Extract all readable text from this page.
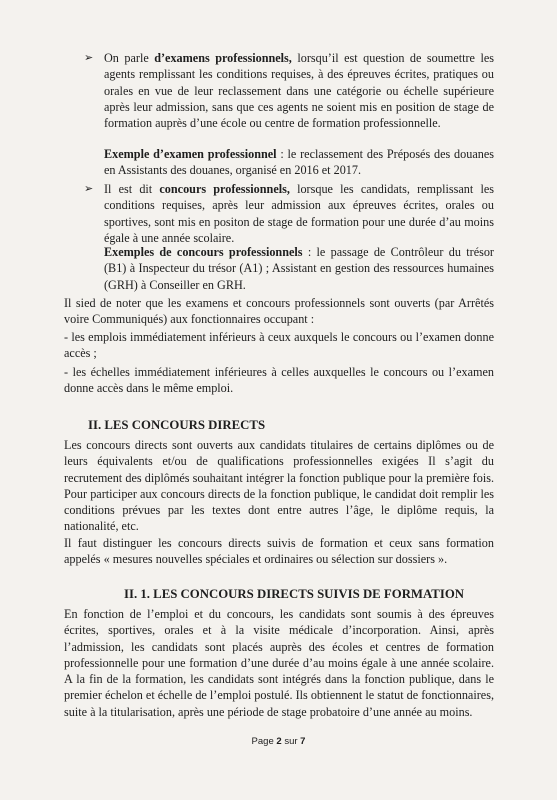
➢ On parle d’examens professionnels, lorsqu’il est question de soumettre les agents remplissant les conditions requises, à des épreuves écrites, pratiques ou orales en vue de leur reclassement dans une catégorie ou échelle supérieure après leur admission, sans que ces agents ne soient mis en position de stage de formation auprès d’une école ou centre de formation professionnelle.

Exemple d’examen professionnel : le reclassement des Préposés des douanes en Assistants des douanes, organisé en 2016 et 2017.

➢ Il est dit concours professionnels, lorsque les candidats, remplissant les conditions requises, après leur admission aux épreuves écrites, orales ou sportives, sont mis en positon de stage de formation pour une durée d’au moins égale à une année scolaire.

Exemples de concours professionnels : le passage de Contrôleur du trésor (B1) à Inspecteur du trésor (A1) ; Assistant en gestion des ressources humaines (GRH) à Conseiller en GRH.

Il sied de noter que les examens et concours professionnels sont ouverts (par Arrêtés voire Communiqués) aux fonctionnaires occupant :

- les emplois immédiatement inférieurs à ceux auxquels le concours ou l’examen donne accès ;

- les échelles immédiatement inférieures à celles auxquelles le concours ou l’examen donne accès dans le même emploi.

II. LES CONCOURS DIRECTS

Les concours directs sont ouverts aux candidats titulaires de certains diplômes ou de leurs équivalents et/ou de qualifications professionnelles exigées Il s’agit du recrutement des diplômés souhaitant intégrer la fonction publique pour la première fois. Pour participer aux concours directs de la fonction publique, le candidat doit remplir les conditions prévues par les textes dont entre autres l’âge, le diplôme requis, la nationalité, etc.

Il faut distinguer les concours directs suivis de formation et ceux sans formation appelés « mesures nouvelles spéciales et ordinaires ou sélection sur dossiers ».

II. 1. LES CONCOURS DIRECTS SUIVIS DE FORMATION

En fonction de l’emploi et du concours, les candidats sont soumis à des épreuves écrites, sportives, orales et à la visite médicale d’incorporation. Ainsi, après l’admission, les candidats sont placés auprès des écoles et centres de formation professionnelle pour une formation d’une durée d’au moins égale à une année scolaire. A la fin de la formation, les candidats sont intégrés dans la fonction publique, dans le premier échelon et échelle de l’emploi postulé. Ils obtiennent le statut de fonctionnaires, suite à la titularisation, après une période de stage probatoire d’une année au moins.

Page 2 sur 7
